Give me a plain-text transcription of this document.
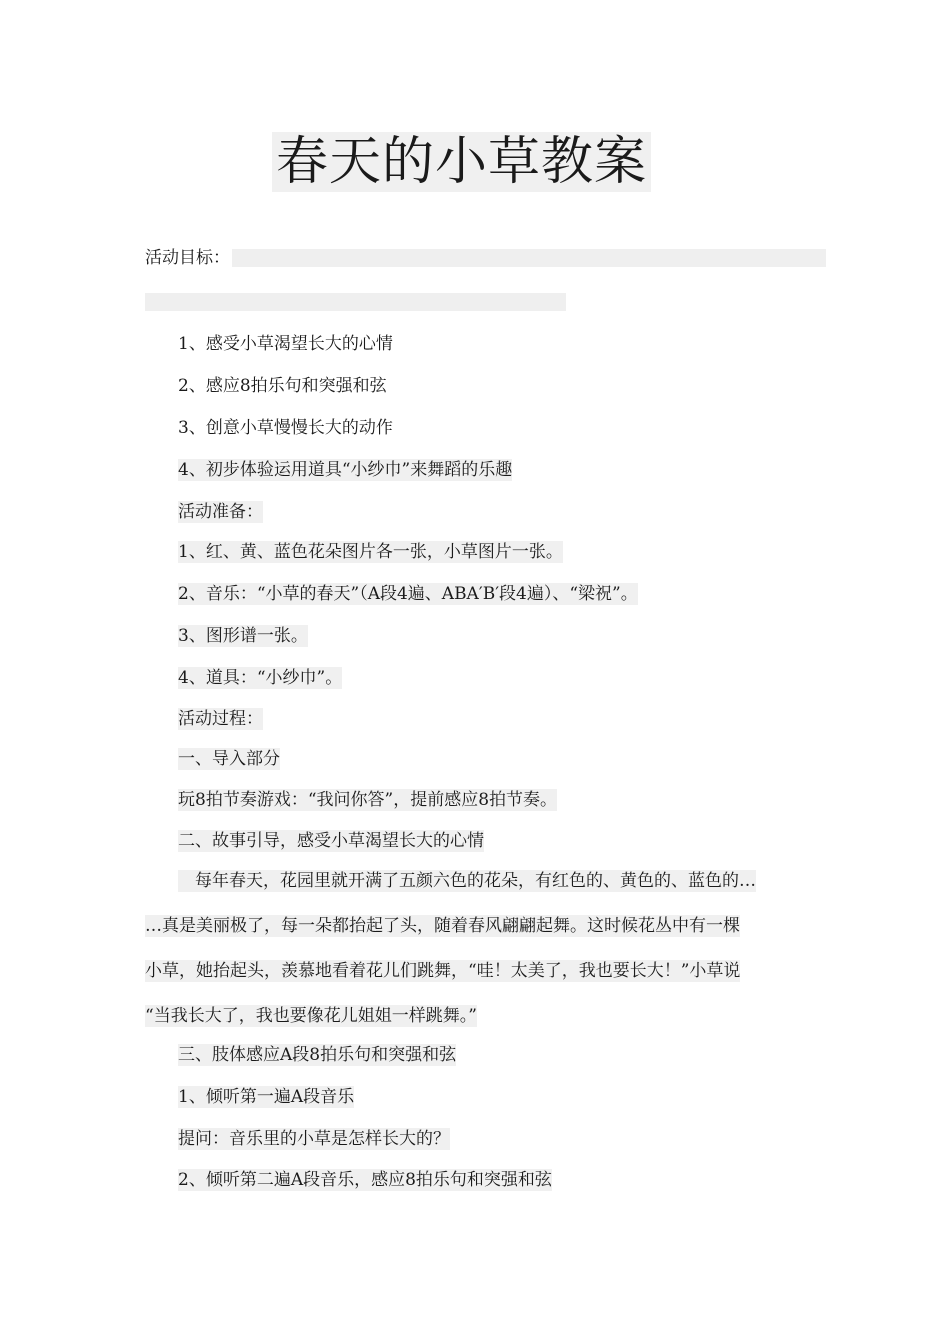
春天的小草教案
活动目标：
1、感受小草渴望长大的心情
2、感应8拍乐句和突强和弦
3、创意小草慢慢长大的动作
4、初步体验运用道具“小纱巾”来舞蹈的乐趣
活动准备：
1、红、黄、蓝色花朵图片各一张，小草图片一张。
2、音乐：“小草的春天”（A段4遍、ABA′B′段4遍）、“梁祝”。
3、图形谱一张。
4、道具：“小纱巾”。
活动过程：
一、导入部分
玩8拍节奏游戏：“我问你答”，提前感应8拍节奏。
二、故事引导，感受小草渴望长大的心情
　每年春天，花园里就开满了五颜六色的花朵，有红色的、黄色的、蓝色的…
…真是美丽极了，每一朵都抬起了头，随着春风翩翩起舞。这时候花丛中有一棵
小草，她抬起头，羡慕地看着花儿们跳舞，“哇！太美了，我也要长大！”小草说
“当我长大了，我也要像花儿姐姐一样跳舞。”
三、肢体感应A段8拍乐句和突强和弦
1、倾听第一遍A段音乐
提问：音乐里的小草是怎样长大的？
2、倾听第二遍A段音乐，感应8拍乐句和突强和弦
